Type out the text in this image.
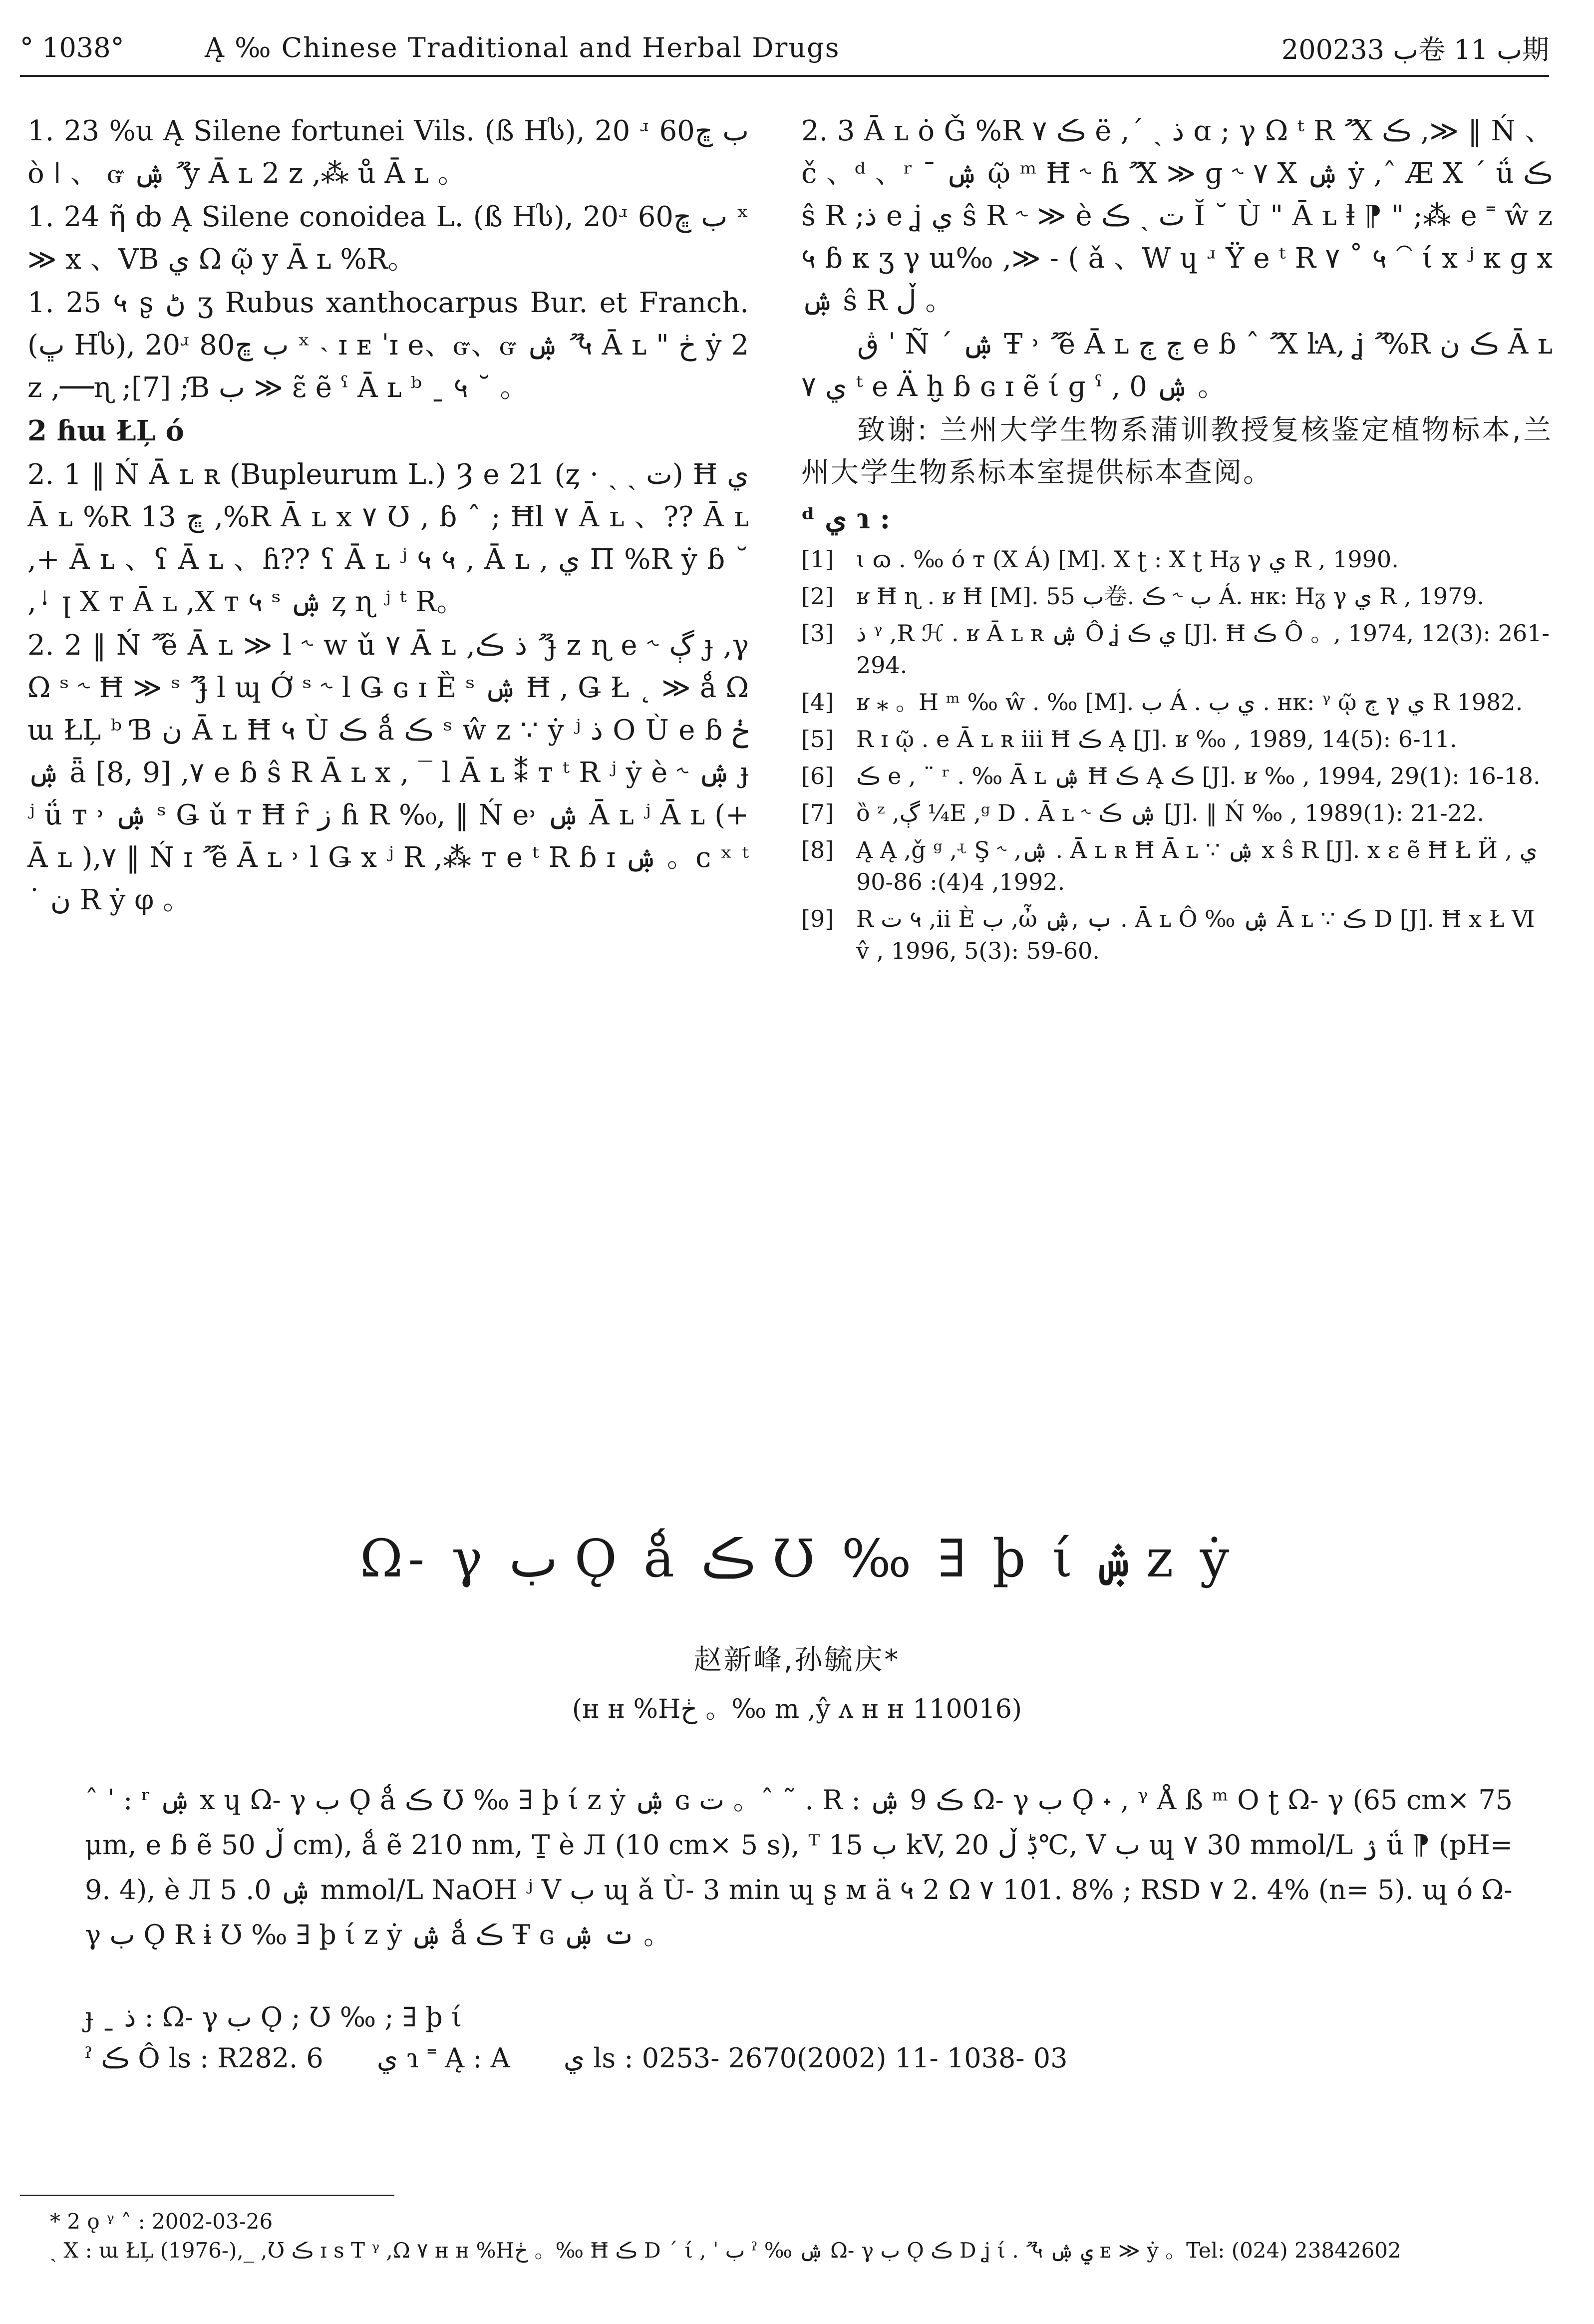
° 1038°	Ą ‰ Chinese Traditional and Herbal Drugs	2002ب 33卷 ب 11期

1. 23 %u Ą Silene fortunei Vils. (ß Hს), 20 ʴ 60ب ڇ ò ǀ 、 ᏻ ۺ ޫ y Ā ʟ 2 z ,⁂ ů Ā ʟ 。

1. 24 ῆ ȸ Ą Silene conoidea L. (ß Hს), 20ʴ 60ب ڇ ˣ ≫ x 、VB ي Ω ῷ y Ā ʟ %R。

1. 25 ५ ʂ ڻ ʒ Rubus xanthocarpus Bur. et Franch. (ڀ Hს), 20ʴ 80ب ڇ ˣ ˴ ɪ ᴇ ˈɪ e、ᏻ、ᏻ ۺ ޫ ५ Ā ʟ " ڂ ẏ 2 z ,──ɳ ;[7] ;Ɓ ب ≫ ɛ̃ ẽ ˁ Ā ʟ ᵇ ˍ ५ ˘ 。

2 ɦɯ ŁĻ ó

2. 1 ‖ Ń Ā ʟ ʀ (Bupleurum L.) Ȝ e 21 (ȥ · ˎ ˎ ت) Ħ ي Ā ʟ %R ڇ 13 ,%R Ā ʟ x ۷ Ʊ , ɓ ˆ ; Ħl ۷ Ā ʟ 、?? Ā ʟ ,+ Ā ʟ 、ʕ Ā ʟ 、ɦ?? ʕ Ā ʟ ʲ ५ ५ , Ā ʟ , ي Π %R ẏ ɓ ˘ ,ᛍ ꞁ X ᴛ Ā ʟ ,X ᴛ ५ ˢ ۺ ȥ ɳ ʲ ᵗ R。

2. 2 ‖ Ń ޫ ẽ Ā ʟ ≫ l ˞ ᴡ ǔ ۷ Ā ʟ ,ذ ڪ ޫ ɟ z ɳ e ˞ ڳ ɟ ,γ Ω ˢ ˞ Ħ ≫ ˢ ޫ ɟ l ɰ Ớ ˢ ˞ l Ǥ ɢ ɪ Ȅ ˢ ۺ Ħ , Ǥ Ł ˛ ≫ ǻ Ω ɯ ŁĻ ᵇ Ɓ ن Ā ʟ Ħ ५ Ù ڪ ǻ ڪ ˢ ŵ z ∵ ẏ ʲ ذ O Ù e ɓ ڂ ۺ ǟ [8, 9] ,۷ e ɓ ŝ R Ā ʟ x , ‾ l Ā ʟ ⁑ ᴛ ᵗ R ʲ ẏ è ˞ ۺ ɟ ʲ ǘ ᴛ ˒ ۺ ˢ Ǥ ǔ ᴛ Ħ ȓ ز ɦ R %₀, ‖ Ń e˒ ۺ Ā ʟ ʲ Ā ʟ (+ Ā ʟ ),۷ ‖ Ń ɪ ޫ ẽ Ā ʟ ˒ l Ǥ x ʲ R ,⁂ ᴛ e ᵗ R ɓ ɪ ۺ 。ᴄ ˣ ᵗ ˙ ن R ẏ φ 。

2. 3 Ā ʟ ȯ Ǧ %R ڪ ۷ ë ,ˊ ˎ ذ ɑ ; γ Ω ᵗ R ޫ X ڪ ,≫ ‖ Ń 、č 、ᵈ 、ʳ ¯ ۺ ῷ ᵐ Ħ ˞ ɦ ޫ X ≫ ɡ ˞ ۷ X ۺ ẏ ,ˆ Æ X ˊ ǘ ڪ ŝ R ;ذ e ʝ ي ŝ R ˞ ≫ è ت ˏ ڪ Ĭ ˘ Ù " Ā ʟ ⱡ ⁋ " ;⁂ e ˭ ŵ z ५ ɓ ᴋ ʒ γ ɯ‰ ,≫ ˗ ( ǎ 、W ɥ ʴ Ÿ e ᵗ R ۷ ˚ ५ ⁀ ί x ʲ ᴋ ɡ x ۺ ŝ R ڵ 。

ڨ ˈ Ñ ˊ ۺ Ŧ ˒ ޫ ẽ Ā ʟ ڄ ڄ e ɓ ˆ ޫ X ŀA, ʝ ޫ %R ڪ ن Ā ʟ ي ۷ ᵗ e Ä ḫ ɓ ɢ ɪ ẽ ί ɡ ˁ , ۺ 0 。

致谢: 兰州大学生物系蒲训教授复核鉴定植物标本,兰州大学生物系标本室提供标本查阅。

ᵈ ي ɿ :

[1] ɩ ɷ . ‰ ó ᴛ (X Á) [M]. X ʈ : X ʈ Hᵹ γ ي R , 1990.
[2] ʁ Ħ ɳ . ʁ Ħ [M]. ب 55卷. ب ˞ ڪ Á. ʜᴋ: Hᵹ γ ي R , 1979.
[3] ذ ᵞ ,R ℋ . ʁ Ā ʟ ʀ ۺ Ô ʝ ي ڪ [J]. Ħ ڪ Ô 。, 1974, 12(3): 261-294.
[4] ʁ ⁎ 。H ᵐ ‰ ŵ . ‰ [M]. ب Á . ي ب . ʜᴋ: ᵞ ῷ ڄ γ ي R 1982.
[5] R ɪ ῷ . e Ā ʟ ʀ ⅲ Ħ ڪ Ą [J]. ʁ ‰ , 1989, 14(5): 6-11.
[6] ڪ e , ¨ ʳ . ‰ Ā ʟ ۺ Ħ ڪ Ą ڪ [J]. ʁ ‰ , 1994, 29(1): 16-18.
[7] ȍ ᶻ ,ڳ ¼E ,ᵍ D . Ā ʟ ˞ ۺ ڪ [J]. ‖ Ń ‰ , 1989(1): 21-22.
[8] Ą Ą ,ǧ ᵍ ,ʵ Ş ˞ ,ۺ . Ā ʟ ʀ Ħ Ā ʟ ∵ ۺ x ŝ R [J]. x ɛ ẽ Ħ Ł Ӥ ي , 1992, 4(4): 86-90.
[9] R ت ५ ,ii È ب ,ὦ ب ,ۺ . Ā ʟ Ô ‰ ۺ Ā ʟ ∵ ڪ D [J]. Ħ x Ł Ⅵ v̂ , 1996, 5(3): 59-60.
Ω˗ γ ب Ǫ ǻ ڪ Ʊ ‰ ∃ þ ί ۺ z ẏ
赵新峰,孙毓庆*
(ʜ ʜ %Hڂ 。‰ m ,ŷ ʌ ʜ ʜ 110016)

ˆ ˈ : ʳ ۺ x ɥ Ω˗ γ ب Ǫ ǻ ڪ Ʊ ‰ ∃ þ ί z ẏ ۺ ɢ ت 。ˆ ˜ . R : ڪ 9 ۺ Ω˗ γ ب Ǫ ˖ , ᵞ Å ß ᵐ Ο ʈ Ω˗ γ (65 cm× 75 μm, e ɓ ẽ ڵ 50 cm), ǻ ẽ 210 nm, Ṯ è Л (10 cm× 5 s), ᵀ ب 15 kV, ڋ ڵ 20℃, V ب ɰ ۷ 30 mmol/L ۯ ǘ ⁋ (pH= 9. 4), è Л ۺ 0. 5 mmol/L NaOH ʲ V ب ɰ ǎ Ù˗ 3 min ɰ ʂ ᴍ ä ५ 2 Ω ۷ 101. 8% ; RSD ۷ 2. 4% (n= 5). ɰ ó Ω˗ γ ب Ǫ R ɨ Ʊ ‰ ∃ þ ί z ẏ ۺ ǻ ڪ Ŧ ɢ ت ۺ 。

ɟ ˍ ذ : Ω˗ γ ب Ǫ ; Ʊ ‰ ; ∃ þ ί
ˀ ڪ Ô ls : R282. 6 ي ɿ ˭ Ą : A ي ls : 0253- 2670(2002) 11- 1038- 03

* 2 ǫ ᵞ ˄ : 2002-03-26

ˎ X : ɯ ŁĻ (1976-),_ ,Ʊ ڪ ɪ s T ᵞ ,Ω ۷ ʜ ʜ %Hڂ 。‰ Ħ ڪ D ˊ ί , ˈ ب ˀ ‰ ۺ Ω˗ γ ب Ǫ ڪ D ʝ ί . ޫ ५ ي ۺ ᴇ ≫ ẏ 。Tel: (024) 23842602
